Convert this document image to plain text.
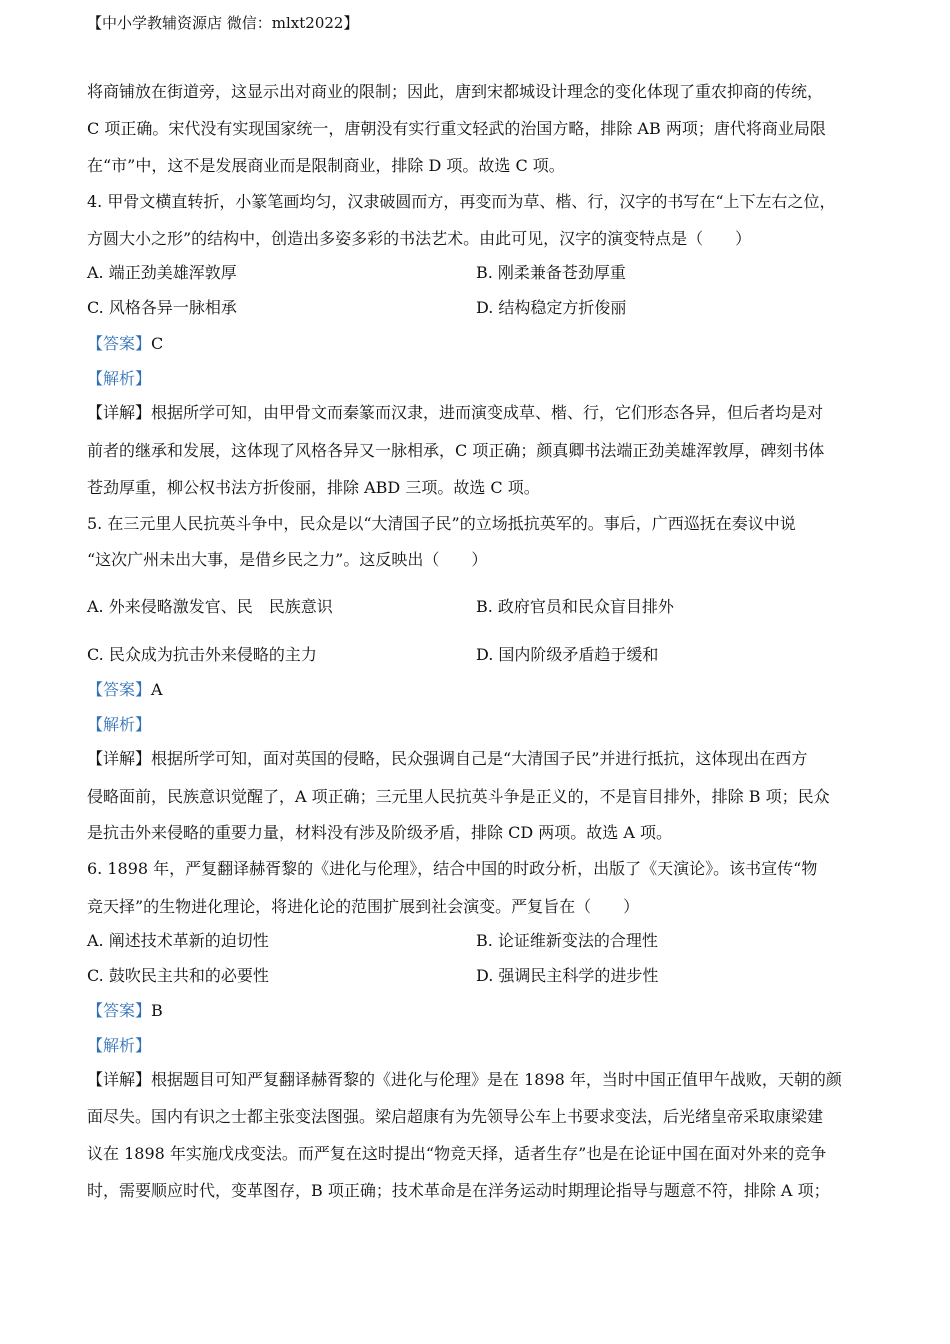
【中小学教辅资源店 微信：mlxt2022】
将商铺放在街道旁，这显示出对商业的限制；因此，唐到宋都城设计理念的变化体现了重农抑商的传统，
C 项正确。宋代没有实现国家统一，唐朝没有实行重文轻武的治国方略，排除 AB 两项；唐代将商业局限
在“市”中，这不是发展商业而是限制商业，排除 D 项。故选 C 项。
4. 甲骨文横直转折，小篆笔画均匀，汉隶破圆而方，再变而为草、楷、行，汉字的书写在“上下左右之位，
方圆大小之形”的结构中，创造出多姿多彩的书法艺术。由此可见，汉字的演变特点是（　　）
A. 端正劲美雄浑敦厚	B. 刚柔兼备苍劲厚重
C. 风格各异一脉相承	D. 结构稳定方折俊丽
【答案】C
【解析】
【详解】根据所学可知，由甲骨文而秦篆而汉隶，进而演变成草、楷、行，它们形态各异，但后者均是对
前者的继承和发展，这体现了风格各异又一脉相承，C 项正确；颜真卿书法端正劲美雄浑敦厚，碑刻书体
苍劲厚重，柳公权书法方折俊丽，排除 ABD 三项。故选 C 项。
5. 在三元里人民抗英斗争中，民众是以“大清国子民”的立场抵抗英军的。事后，广西巡抚在奏议中说
“这次广州未出大事，是借乡民之力”。这反映出（　　）
A. 外来侵略激发官、民　民族意识	B. 政府官员和民众盲目排外
C. 民众成为抗击外来侵略的主力	D. 国内阶级矛盾趋于缓和
【答案】A
【解析】
【详解】根据所学可知，面对英国的侵略，民众强调自己是“大清国子民”并进行抵抗，这体现出在西方
侵略面前，民族意识觉醒了，A 项正确；三元里人民抗英斗争是正义的，不是盲目排外，排除 B 项；民众
是抗击外来侵略的重要力量，材料没有涉及阶级矛盾，排除 CD 两项。故选 A 项。
6. 1898 年，严复翻译赫胥黎的《进化与伦理》，结合中国的时政分析，出版了《天演论》。该书宣传“物
竞天择”的生物进化理论，将进化论的范围扩展到社会演变。严复旨在（　　）
A. 阐述技术革新的迫切性	B. 论证维新变法的合理性
C. 鼓吹民主共和的必要性	D. 强调民主科学的进步性
【答案】B
【解析】
【详解】根据题目可知严复翻译赫胥黎的《进化与伦理》是在 1898 年，当时中国正值甲午战败，天朝的颜
面尽失。国内有识之士都主张变法图强。梁启超康有为先领导公车上书要求变法，后光绪皇帝采取康梁建
议在 1898 年实施戊戌变法。而严复在这时提出“物竞天择，适者生存”也是在论证中国在面对外来的竞争
时，需要顺应时代，变革图存，B 项正确；技术革命是在洋务运动时期理论指导与题意不符，排除 A 项；
